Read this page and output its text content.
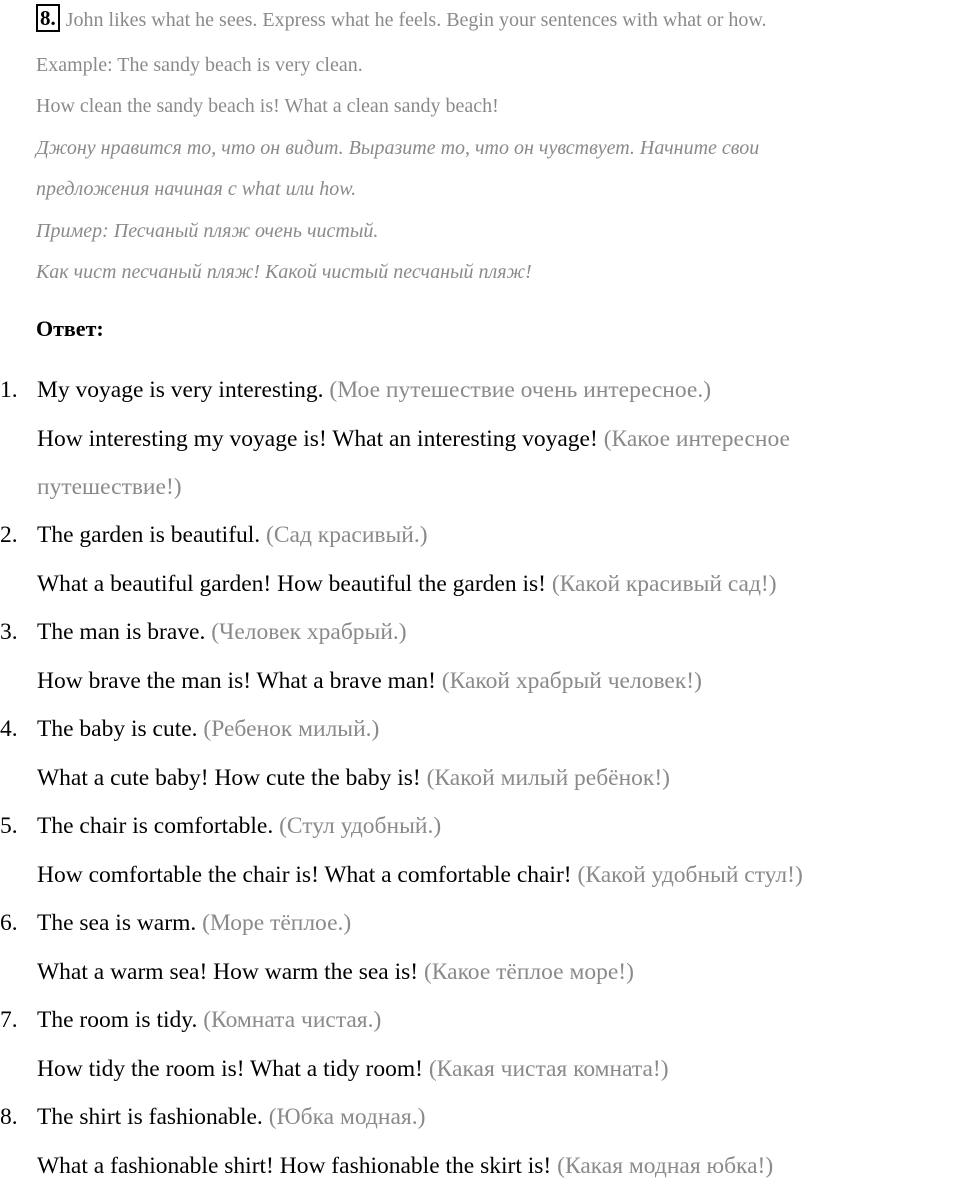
8. John likes what he sees. Express what he feels. Begin your sentences with what or how.
Example: The sandy beach is very clean.
How clean the sandy beach is! What a clean sandy beach!
Джону нравится то, что он видит. Выразите то, что он чувствует. Начните свои
предложения начиная с what или how.
Пример: Песчаный пляж очень чистый.
Как чист песчаный пляж! Какой чистый песчаный пляж!
Ответ:
1. My voyage is very interesting. (Мое путешествие очень интересное.)
How interesting my voyage is! What an interesting voyage! (Какое интересное
путешествие!)
2. The garden is beautiful. (Сад красивый.)
What a beautiful garden! How beautiful the garden is! (Какой красивый сад!)
3. The man is brave. (Человек храбрый.)
How brave the man is! What a brave man! (Какой храбрый человек!)
4. The baby is cute. (Ребенок милый.)
What a cute baby! How cute the baby is! (Какой милый ребёнок!)
5. The chair is comfortable. (Стул удобный.)
How comfortable the chair is! What a comfortable chair! (Какой удобный стул!)
6. The sea is warm. (Море тёплое.)
What a warm sea! How warm the sea is! (Какое тёплое море!)
7. The room is tidy. (Комната чистая.)
How tidy the room is! What a tidy room! (Какая чистая комната!)
8. The shirt is fashionable. (Юбка модная.)
What a fashionable shirt! How fashionable the skirt is! (Какая модная юбка!)
